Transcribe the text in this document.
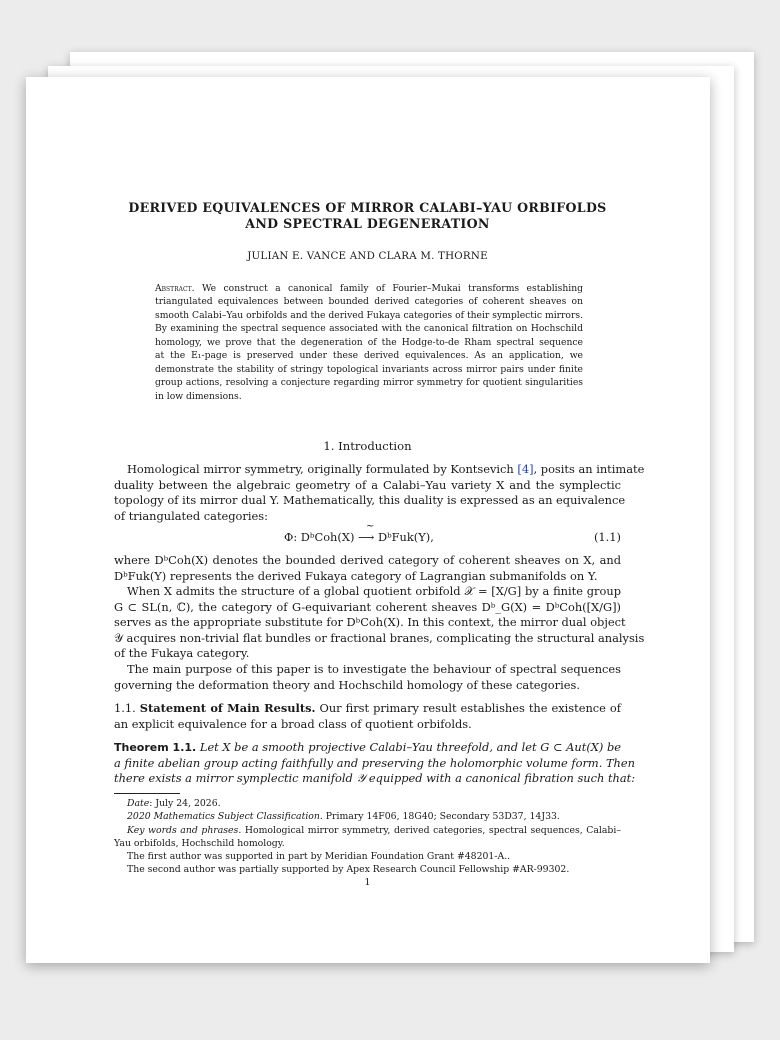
DERIVED EQUIVALENCES OF MIRROR CALABI–YAU ORBIFOLDS
AND SPECTRAL DEGENERATION
JULIAN E. VANCE AND CLARA M. THORNE
Abstract. We construct a canonical family of Fourier–Mukai transforms establishing
triangulated equivalences between bounded derived categories of coherent sheaves on
smooth Calabi–Yau orbifolds and the derived Fukaya categories of their symplectic mirrors.
By examining the spectral sequence associated with the canonical filtration on Hochschild
homology, we prove that the degeneration of the Hodge-to-de Rham spectral sequence
at the E₁-page is preserved under these derived equivalences. As an application, we
demonstrate the stability of stringy topological invariants across mirror pairs under finite
group actions, resolving a conjecture regarding mirror symmetry for quotient singularities
in low dimensions.
1. Introduction
Homological mirror symmetry, originally formulated by Kontsevich [4], posits an intimate
duality between the algebraic geometry of a Calabi–Yau variety X and the symplectic
topology of its mirror dual Y. Mathematically, this duality is expressed as an equivalence
of triangulated categories:
Φ: DᵇCoh(X) ⟶ DᵇFuk(Y),
~
(1.1)
where DᵇCoh(X) denotes the bounded derived category of coherent sheaves on X, and
DᵇFuk(Y) represents the derived Fukaya category of Lagrangian submanifolds on Y.
When X admits the structure of a global quotient orbifold 𝒳 = [X/G] by a finite group
G ⊂ SL(n, ℂ), the category of G-equivariant coherent sheaves Dᵇ_G(X) = DᵇCoh([X/G])
serves as the appropriate substitute for DᵇCoh(X). In this context, the mirror dual object
𝒴 acquires non-trivial flat bundles or fractional branes, complicating the structural analysis
of the Fukaya category.
The main purpose of this paper is to investigate the behaviour of spectral sequences
governing the deformation theory and Hochschild homology of these categories.
1.1. Statement of Main Results. Our first primary result establishes the existence of
an explicit equivalence for a broad class of quotient orbifolds.
Theorem 1.1. Let X be a smooth projective Calabi–Yau threefold, and let G ⊂ Aut(X) be
a finite abelian group acting faithfully and preserving the holomorphic volume form. Then
there exists a mirror symplectic manifold 𝒴 equipped with a canonical fibration such that:
Date: July 24, 2026.
2020 Mathematics Subject Classification. Primary 14F06, 18G40; Secondary 53D37, 14J33.
Key words and phrases. Homological mirror symmetry, derived categories, spectral sequences, Calabi–
Yau orbifolds, Hochschild homology.
The first author was supported in part by Meridian Foundation Grant #48201-A..
The second author was partially supported by Apex Research Council Fellowship #AR-99302.
1
